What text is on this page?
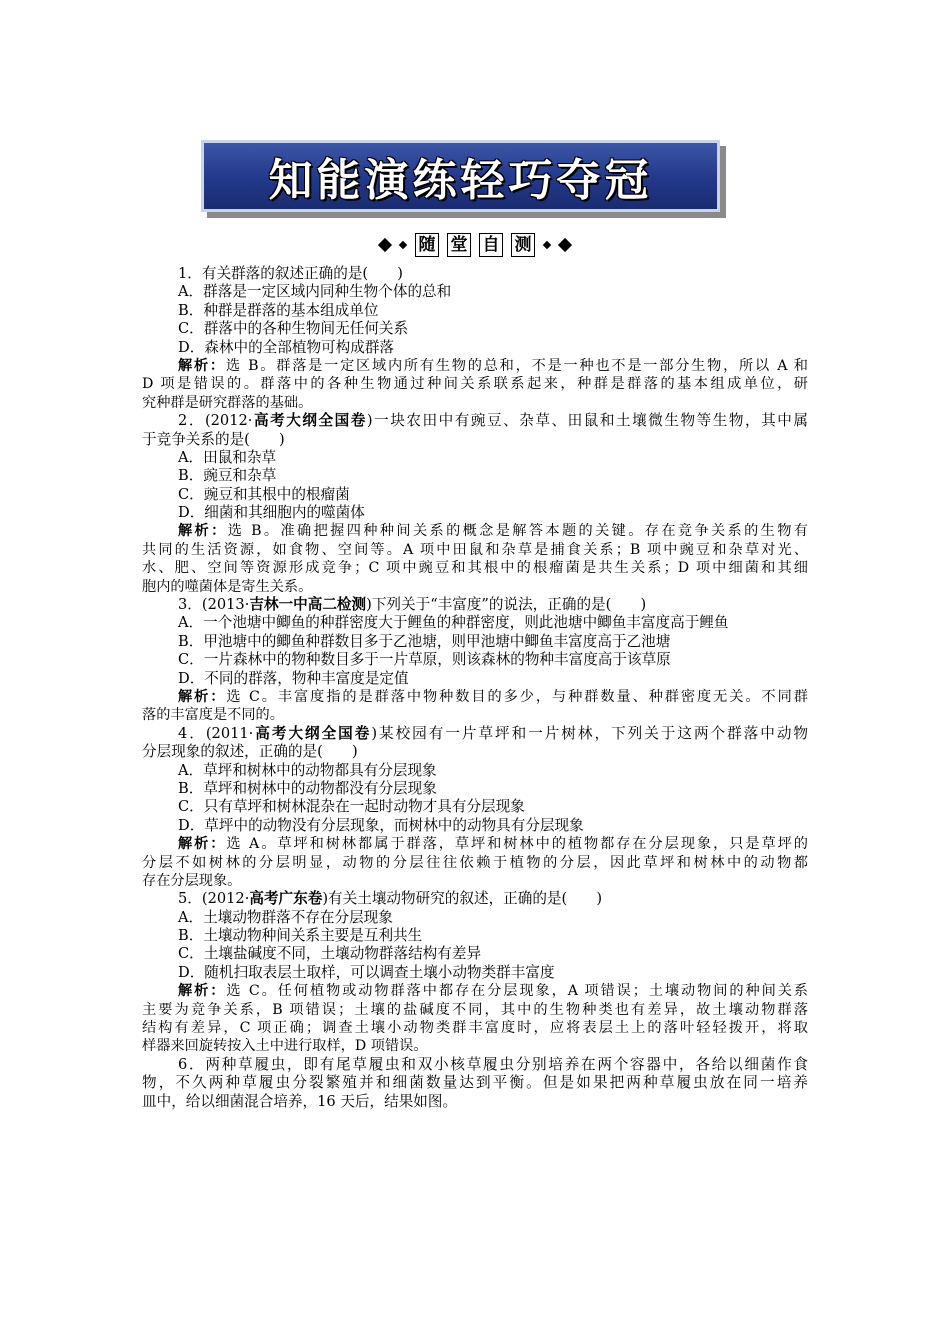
知能演练轻巧夺冠
随 堂 自 测
1．有关群落的叙述正确的是(　　)
A．群落是一定区域内同种生物个体的总和
B．种群是群落的基本组成单位
C．群落中的各种生物间无任何关系
D．森林中的全部植物可构成群落
解析：选 B。群落是一定区域内所有生物的总和，不是一种也不是一部分生物，所以 A 和
D 项是错误的。群落中的各种生物通过种间关系联系起来，种群是群落的基本组成单位，研
究种群是研究群落的基础。
2．(2012·高考大纲全国卷)一块农田中有豌豆、杂草、田鼠和土壤微生物等生物，其中属
于竞争关系的是(　　)
A．田鼠和杂草
B．豌豆和杂草
C．豌豆和其根中的根瘤菌
D．细菌和其细胞内的噬菌体
解析：选 B。准确把握四种种间关系的概念是解答本题的关键。存在竞争关系的生物有
共同的生活资源，如食物、空间等。A 项中田鼠和杂草是捕食关系；B 项中豌豆和杂草对光、
水、肥、空间等资源形成竞争；C 项中豌豆和其根中的根瘤菌是共生关系；D 项中细菌和其细
胞内的噬菌体是寄生关系。
3．(2013·吉林一中高二检测)下列关于“丰富度”的说法，正确的是(　　)
A．一个池塘中鲫鱼的种群密度大于鲤鱼的种群密度，则此池塘中鲫鱼丰富度高于鲤鱼
B．甲池塘中的鲫鱼种群数目多于乙池塘，则甲池塘中鲫鱼丰富度高于乙池塘
C．一片森林中的物种数目多于一片草原，则该森林的物种丰富度高于该草原
D．不同的群落，物种丰富度是定值
解析：选 C。丰富度指的是群落中物种数目的多少，与种群数量、种群密度无关。不同群
落的丰富度是不同的。
4．(2011·高考大纲全国卷)某校园有一片草坪和一片树林，下列关于这两个群落中动物
分层现象的叙述，正确的是(　　)
A．草坪和树林中的动物都具有分层现象
B．草坪和树林中的动物都没有分层现象
C．只有草坪和树林混杂在一起时动物才具有分层现象
D．草坪中的动物没有分层现象，而树林中的动物具有分层现象
解析：选 A。草坪和树林都属于群落，草坪和树林中的植物都存在分层现象，只是草坪的
分层不如树林的分层明显，动物的分层往往依赖于植物的分层，因此草坪和树林中的动物都
存在分层现象。
5．(2012·高考广东卷)有关土壤动物研究的叙述，正确的是(　　)
A．土壤动物群落不存在分层现象
B．土壤动物种间关系主要是互利共生
C．土壤盐碱度不同，土壤动物群落结构有差异
D．随机扫取表层土取样，可以调查土壤小动物类群丰富度
解析：选 C。任何植物或动物群落中都存在分层现象，A 项错误；土壤动物间的种间关系
主要为竞争关系，B 项错误；土壤的盐碱度不同，其中的生物种类也有差异，故土壤动物群落
结构有差异，C 项正确；调查土壤小动物类群丰富度时，应将表层土上的落叶轻轻拨开，将取
样器来回旋转按入土中进行取样，D 项错误。
6．两种草履虫，即有尾草履虫和双小核草履虫分别培养在两个容器中，各给以细菌作食
物，不久两种草履虫分裂繁殖并和细菌数量达到平衡。但是如果把两种草履虫放在同一培养
皿中，给以细菌混合培养，16 天后，结果如图。
